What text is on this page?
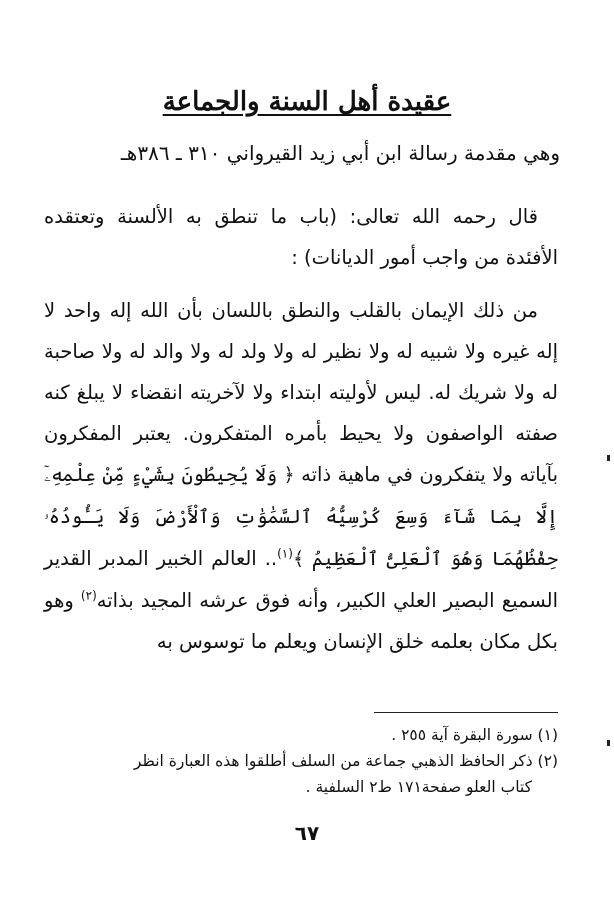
عقيدة أهل السنة والجماعة
وهي مقدمة رسالة ابن أبي زيد القيرواني ٣١٠ ـ ٣٨٦هـ

قال رحمه الله تعالى: (باب ما تنطق به الألسنة وتعتقده الأفئدة من واجب أمور الديانات) :

من ذلك الإيمان بالقلب والنطق باللسان بأن الله إله واحد لا إله غيره ولا شبيه له ولا نظير له ولا ولد له ولا والد له ولا صاحبة له ولا شريك له. ليس لأوليته ابتداء ولا لآخريته انقضاء لا يبلغ كنه صفته الواصفون ولا يحيط بأمره المتفكرون. يعتبر المفكرون بآياته ولا يتفكرون في ماهية ذاته ﴿ وَلَا يُحِيطُونَ بِشَيْءٍ مِّنْ عِلْمِهِۦٓ إِلَّا بِمَا شَآءَ وَسِعَ كُرْسِيُّهُ ٱلسَّمَٰوَٰتِ وَٱلْأَرْضَ وَلَا يَـُٔودُهُۥ حِفْظُهُمَا وَهُوَ ٱلْعَلِىُّ ٱلْعَظِيمُ ﴾$^{(١)}$.. العالم الخبير المدبر القدير السميع البصير العلي الكبير، وأنه فوق عرشه المجيد بذاته$^{(٢)}$ وهو بكل مكان بعلمه خلق الإنسان ويعلم ما توسوس به

(١) سورة البقرة آية ٢٥٥ .
(٢) ذكر الحافظ الذهبي جماعة من السلف أطلقوا هذه العبارة انظر
كتاب العلو صفحة١٧١ ط٢ السلفية .
٦٧
